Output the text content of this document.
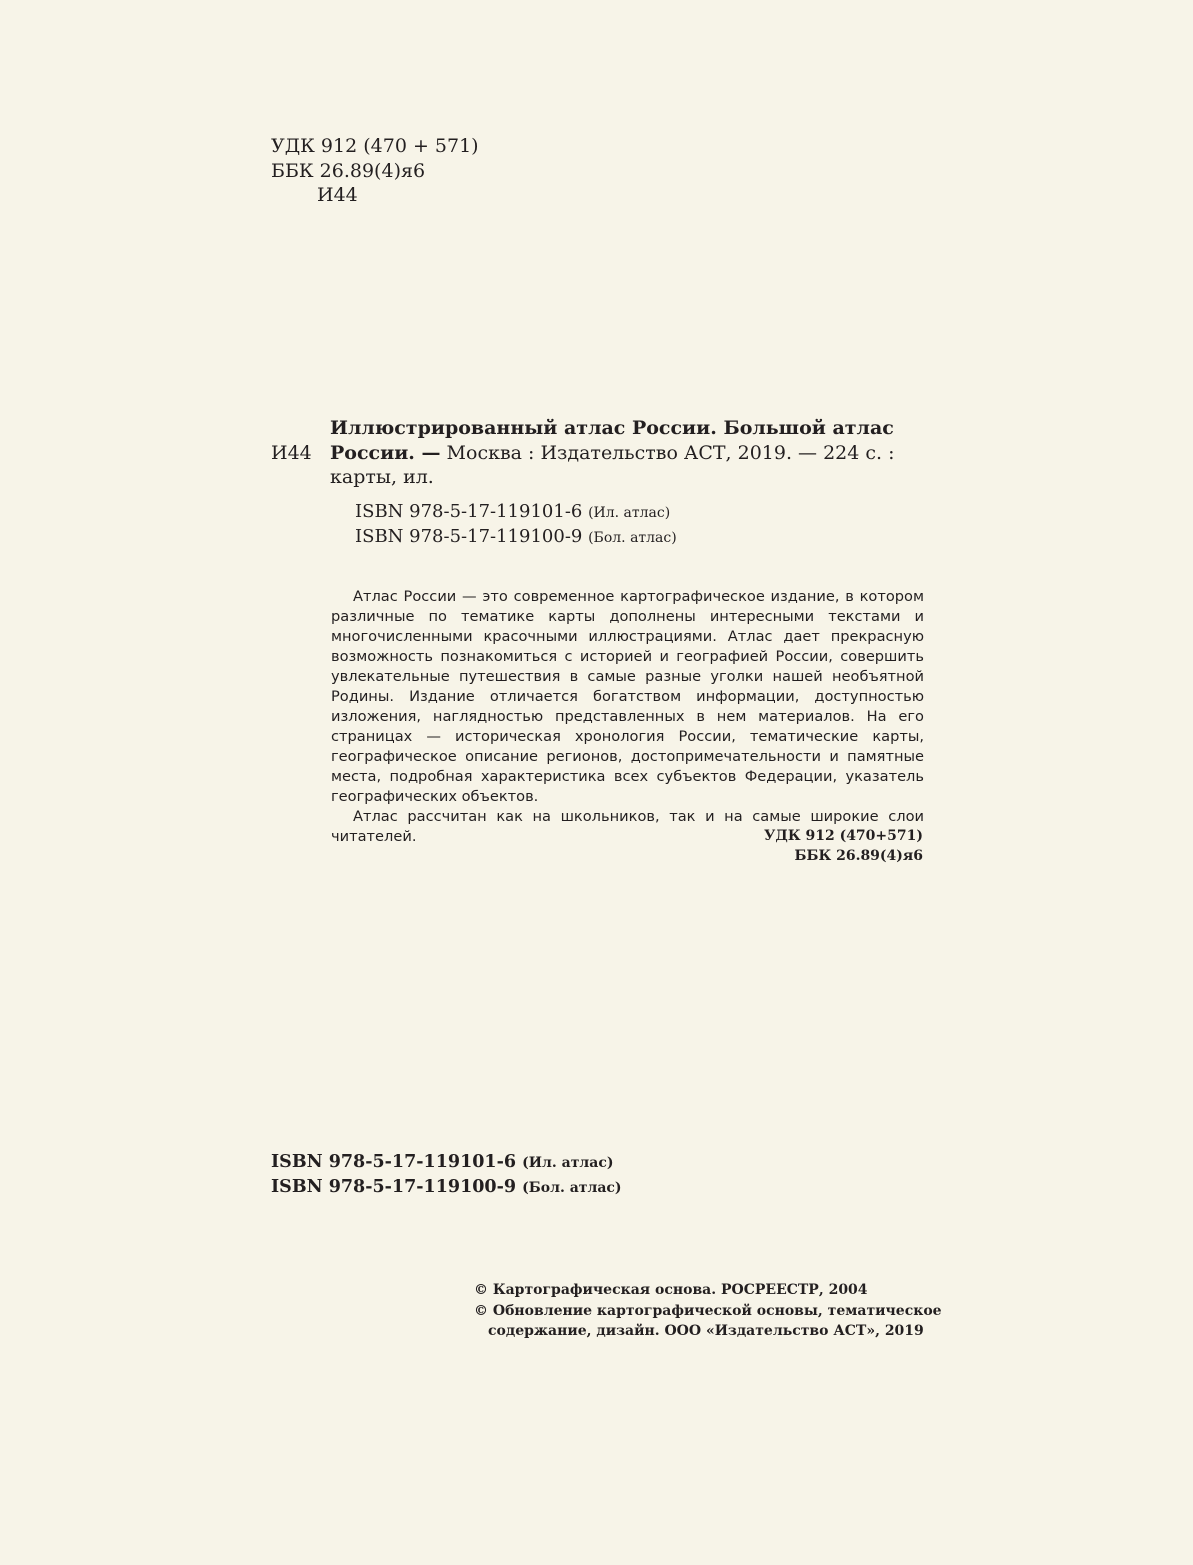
УДК 912 (470 + 571)
ББК 26.89(4)я6
И44
Иллюстрированный атлас России. Большой атлас
И44 России. — Москва : Издательство АСТ, 2019. — 224 с. :
карты, ил.
ISBN 978-5-17-119101-6 (Ил. атлас)
ISBN 978-5-17-119100-9 (Бол. атлас)

Атлас России — это современное картографическое издание, в котором различные по тематике карты дополнены интересными текстами и многочисленными красочными иллюстрациями. Атлас дает прекрасную возможность познакомиться с историей и географией России, совершить увлекательные путешествия в самые разные уголки нашей необъятной Родины. Издание отличается богатством информации, доступностью изложения, наглядностью представленных в нем материалов. На его страницах — историческая хронология России, тематические карты, географическое описание регионов, достопримечательности и памятные места, подробная характеристика всех субъектов Федерации, указатель географических объектов.

Атлас рассчитан как на школьников, так и на самые широкие слои читателей.	УДК 912 (470+571)
ББК 26.89(4)я6
ISBN 978-5-17-119101-6 (Ил. атлас)
ISBN 978-5-17-119100-9 (Бол. атлас)
© Картографическая основа. РОСРЕЕСТР, 2004
© Обновление картографической основы, тематическое
содержание, дизайн. ООО «Издательство АСТ», 2019
